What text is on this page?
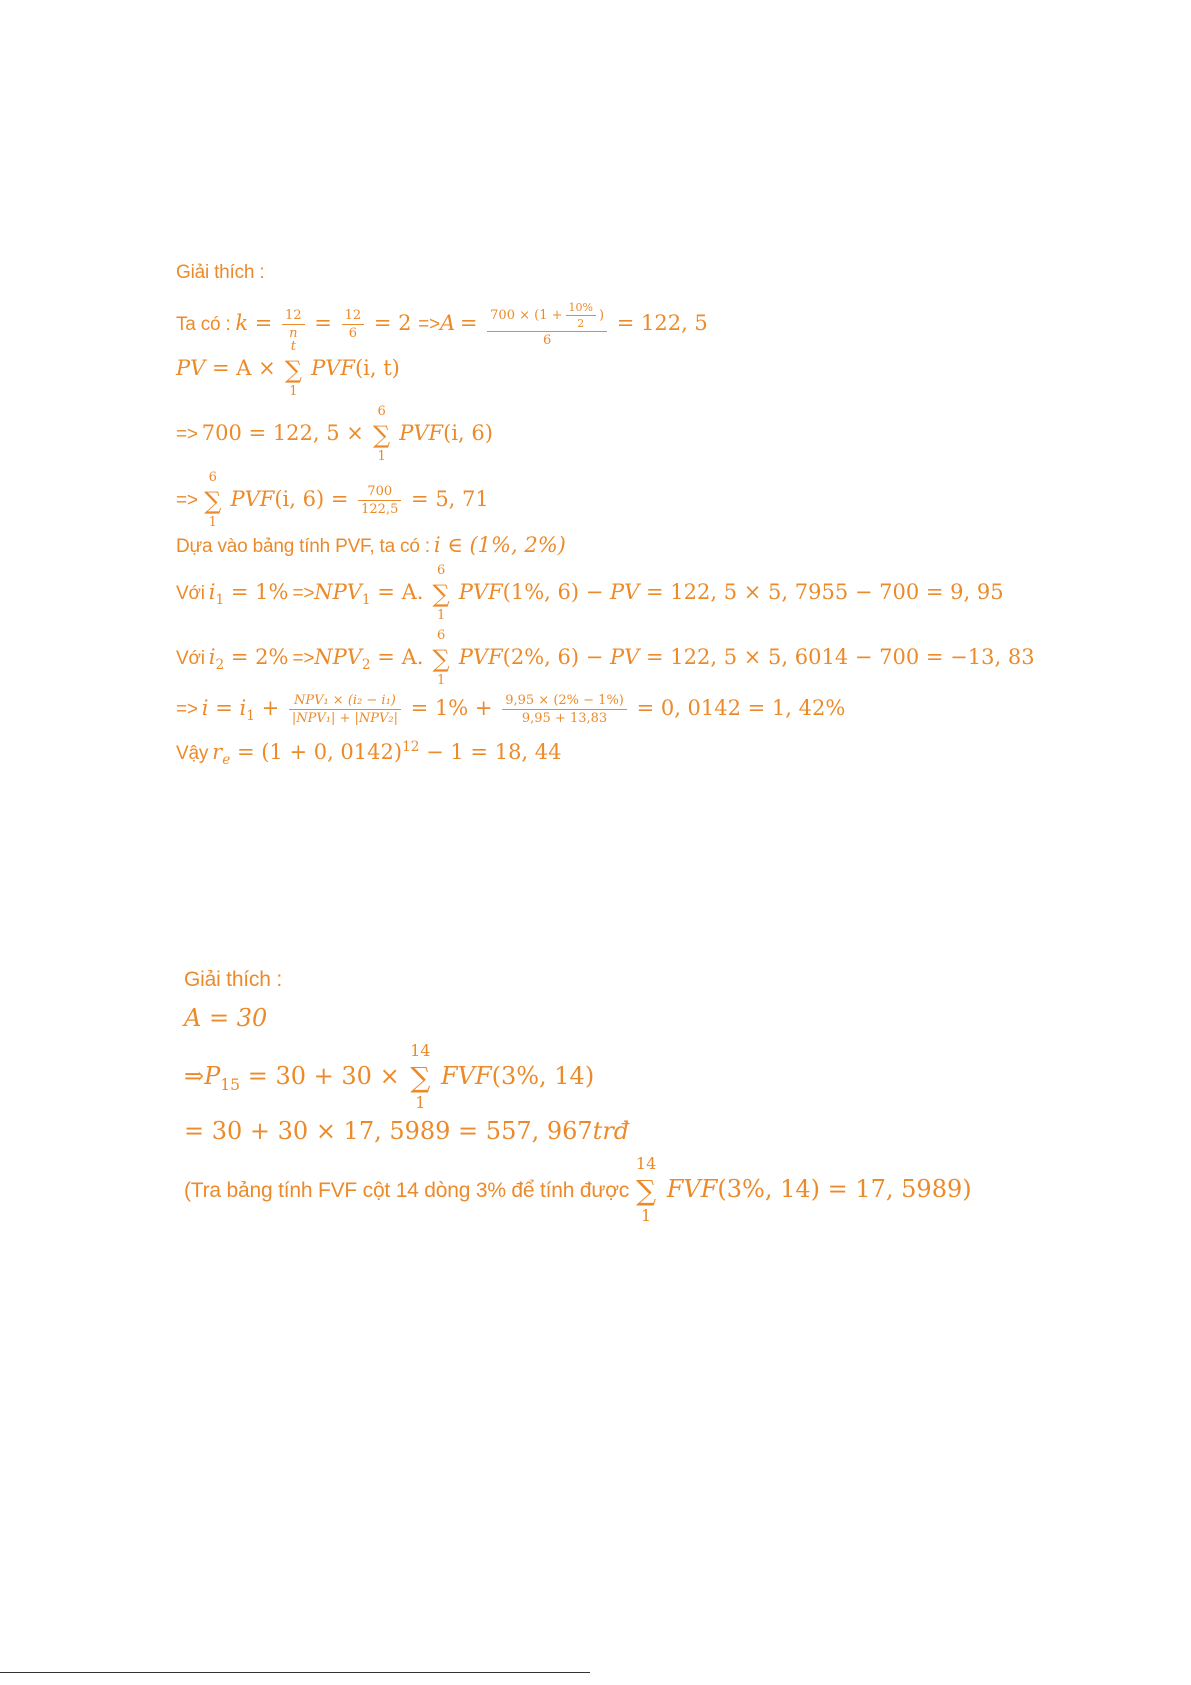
Giải thích :
Ta có : $k = \frac{12}{n} = \frac{12}{6} = 2 =>A = \frac{700 \times (1 + \frac{10\%}{2} )}{6} = 122$, 5
PV = A ×
t
∑
1
PVF(i, t)
=> 700 = 122, 5 ×
6
∑
1
PVF(i, 6)
=>
6
∑
1
PVF(i, $6) = \frac{700}{122,5} = 5$, 71
Dựa vào bảng tính PVF, ta có : i ∈ (1%, 2%)
Với $i_1 = 1\% =>NPV_1 = A$.
6
∑
1
PVF(1%, 6) − PV = 122, 5 × 5, 7955 − 700 = 9, 95
Với $i_2 = 2\% =>NPV_2 = A$.
6
∑
1
PVF(2%, 6) − PV = 122, 5 × 5, 6014 − 700 = −13, 83
=> $i = i_1 + \frac{\text{NPV₁ × (i₂ − i₁)}}{\text{|NPV₁| + |NPV₂|}} = 1\% + \frac{9,95 \times (2\% - 1\%)}{9,95 + 13,83} = 0$, 0142 = 1, 42%
Vậy $r_e = (1 + 0$, 0142)$^{12}$ − 1 = 18, 44
Giải thích :
A = 30
$\Rightarrow P_{15} = 30 + 30$ ×
14
∑
1
FVF(3%, 14)
= 30 + 30 × 17, 5989 = 557, 967trđ
(Tra bảng tính FVF cột 14 dòng 3% để tính được
14
∑
1
FVF(3%, 14) = 17, 5989)
